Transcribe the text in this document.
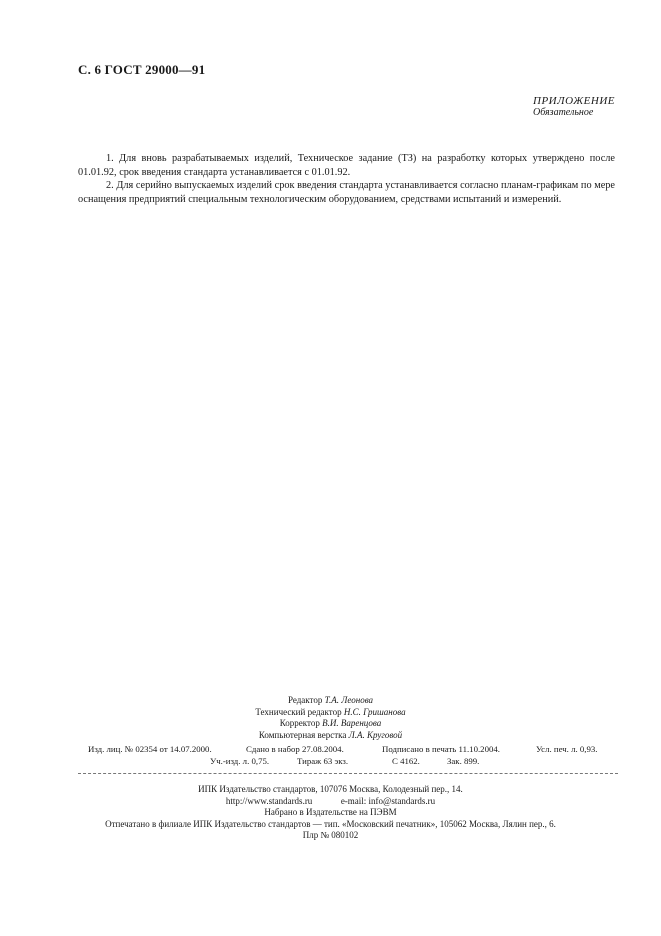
С. 6 ГОСТ 29000—91
ПРИЛОЖЕНИЕ
Обязательное

1. Для вновь разрабатываемых изделий, Техническое задание (ТЗ) на разработку которых утверждено после 01.01.92, срок введения стандарта устанавливается с 01.01.92.

2. Для серийно выпускаемых изделий срок введения стандарта устанавливается согласно планам-графикам по мере оснащения предприятий специальным технологическим оборудованием, средствами испытаний и измерений.

Редактор Т.А. Леонова
Технический редактор Н.С. Гришанова
Корректор В.И. Варенцова
Компьютерная верстка Л.А. Круговой
Изд. лиц. № 02354 от 14.07.2000.	Сдано в набор 27.08.2004.	Подписано в печать 11.10.2004.	Усл. печ. л. 0,93.
Уч.-изд. л. 0,75.	Тираж 63 экз.	С 4162.	Зак. 899.
ИПК Издательство стандартов, 107076 Москва, Колодезный пер., 14.
http://www.standards.ru	e-mail: info@standards.ru
Набрано в Издательстве на ПЭВМ
Отпечатано в филиале ИПК Издательство стандартов — тип. «Московский печатник», 105062 Москва, Лялин пер., 6.
Плр № 080102
